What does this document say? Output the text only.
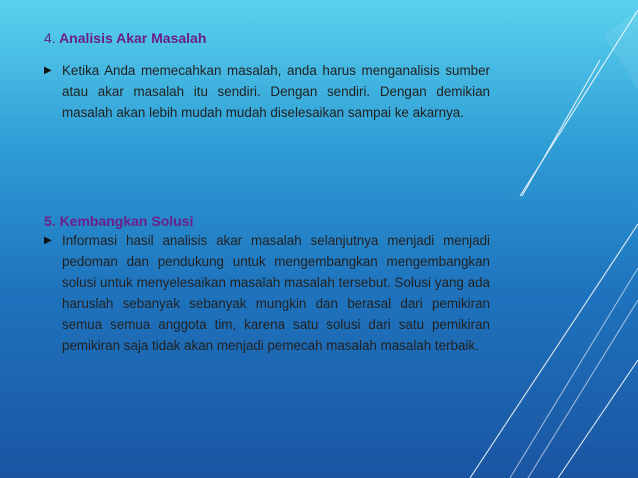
4. Analisis Akar Masalah
▶ Ketika Anda memecahkan masalah, anda harus menganalisis sumber atau akar masalah itu sendiri. Dengan sendiri. Dengan demikian masalah akan lebih mudah mudah diselesaikan sampai ke akarnya.

5. Kembangkan Solusi
▶ Informasi hasil analisis akar masalah selanjutnya menjadi menjadi pedoman dan pendukung untuk mengembangkan mengembangkan solusi untuk menyelesaikan masalah masalah tersebut. Solusi yang ada haruslah sebanyak sebanyak mungkin dan berasal dari pemikiran semua semua anggota tim, karena satu solusi dari satu pemikiran pemikiran saja tidak akan menjadi pemecah masalah masalah terbaik.
